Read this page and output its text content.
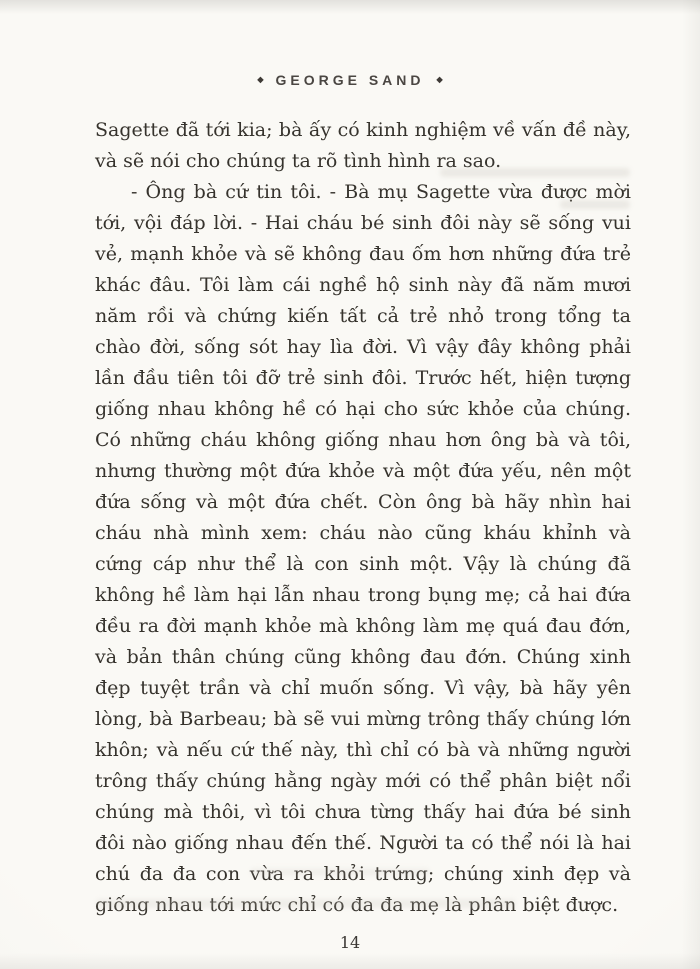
◆ GEORGE SAND ◆

Sagette đã tới kia; bà ấy có kinh nghiệm về vấn đề này, và sẽ nói cho chúng ta rõ tình hình ra sao.

- Ông bà cứ tin tôi. - Bà mụ Sagette vừa được mời tới, vội đáp lời. - Hai cháu bé sinh đôi này sẽ sống vui vẻ, mạnh khỏe và sẽ không đau ốm hơn những đứa trẻ khác đâu. Tôi làm cái nghề hộ sinh này đã năm mươi năm rồi và chứng kiến tất cả trẻ nhỏ trong tổng ta chào đời, sống sót hay lìa đời. Vì vậy đây không phải lần đầu tiên tôi đỡ trẻ sinh đôi. Trước hết, hiện tượng giống nhau không hề có hại cho sức khỏe của chúng. Có những cháu không giống nhau hơn ông bà và tôi, nhưng thường một đứa khỏe và một đứa yếu, nên một đứa sống và một đứa chết. Còn ông bà hãy nhìn hai cháu nhà mình xem: cháu nào cũng kháu khỉnh và cứng cáp như thể là con sinh một. Vậy là chúng đã không hề làm hại lẫn nhau trong bụng mẹ; cả hai đứa đều ra đời mạnh khỏe mà không làm mẹ quá đau đớn, và bản thân chúng cũng không đau đớn. Chúng xinh đẹp tuyệt trần và chỉ muốn sống. Vì vậy, bà hãy yên lòng, bà Barbeau; bà sẽ vui mừng trông thấy chúng lớn khôn; và nếu cứ thế này, thì chỉ có bà và những người trông thấy chúng hằng ngày mới có thể phân biệt nổi chúng mà thôi, vì tôi chưa từng thấy hai đứa bé sinh đôi nào giống nhau đến thế. Người ta có thể nói là hai chú đa đa con vừa ra khỏi trứng; chúng xinh đẹp và giống nhau tới mức chỉ có đa đa mẹ là phân biệt được.

14
